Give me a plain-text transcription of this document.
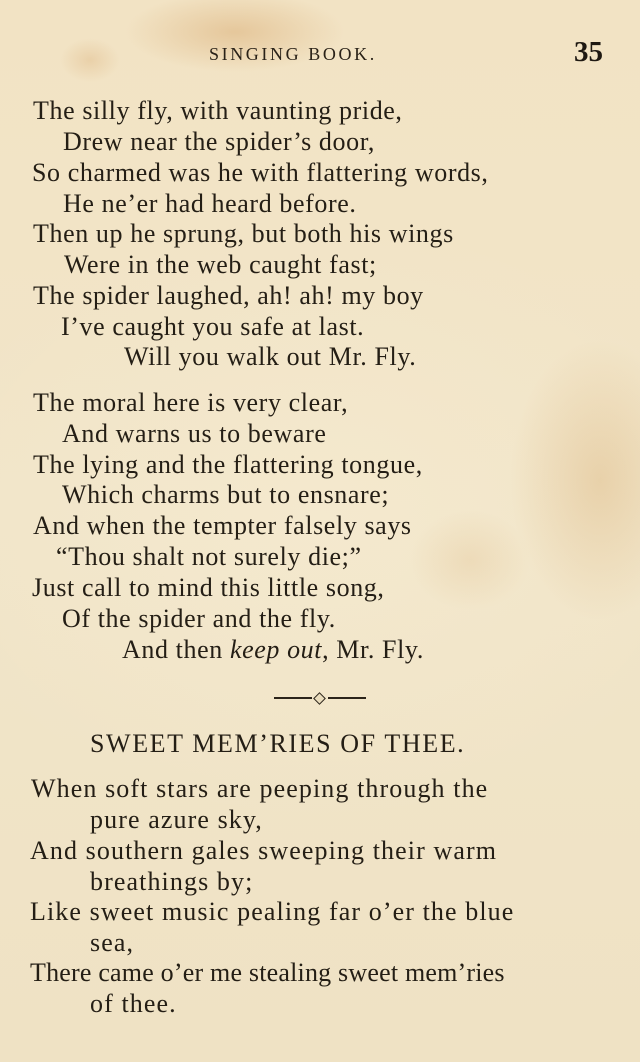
SINGING BOOK.	35
The silly fly, with vaunting pride,
Drew near the spider’s door,
So charmed was he with flattering words,
He ne’er had heard before.
Then up he sprung, but both his wings
Were in the web caught fast;
The spider laughed, ah! ah! my boy
I’ve caught you safe at last.
Will you walk out Mr. Fly.
The moral here is very clear,
And warns us to beware
The lying and the flattering tongue,
Which charms but to ensnare;
And when the tempter falsely says
“Thou shalt not surely die;”
Just call to mind this little song,
Of the spider and the fly.
And then keep out, Mr. Fly.
SWEET MEM’RIES OF THEE.
When soft stars are peeping through the
pure azure sky,
And southern gales sweeping their warm
breathings by;
Like sweet music pealing far o’er the blue
sea,
There came o’er me stealing sweet mem’ries
of thee.
